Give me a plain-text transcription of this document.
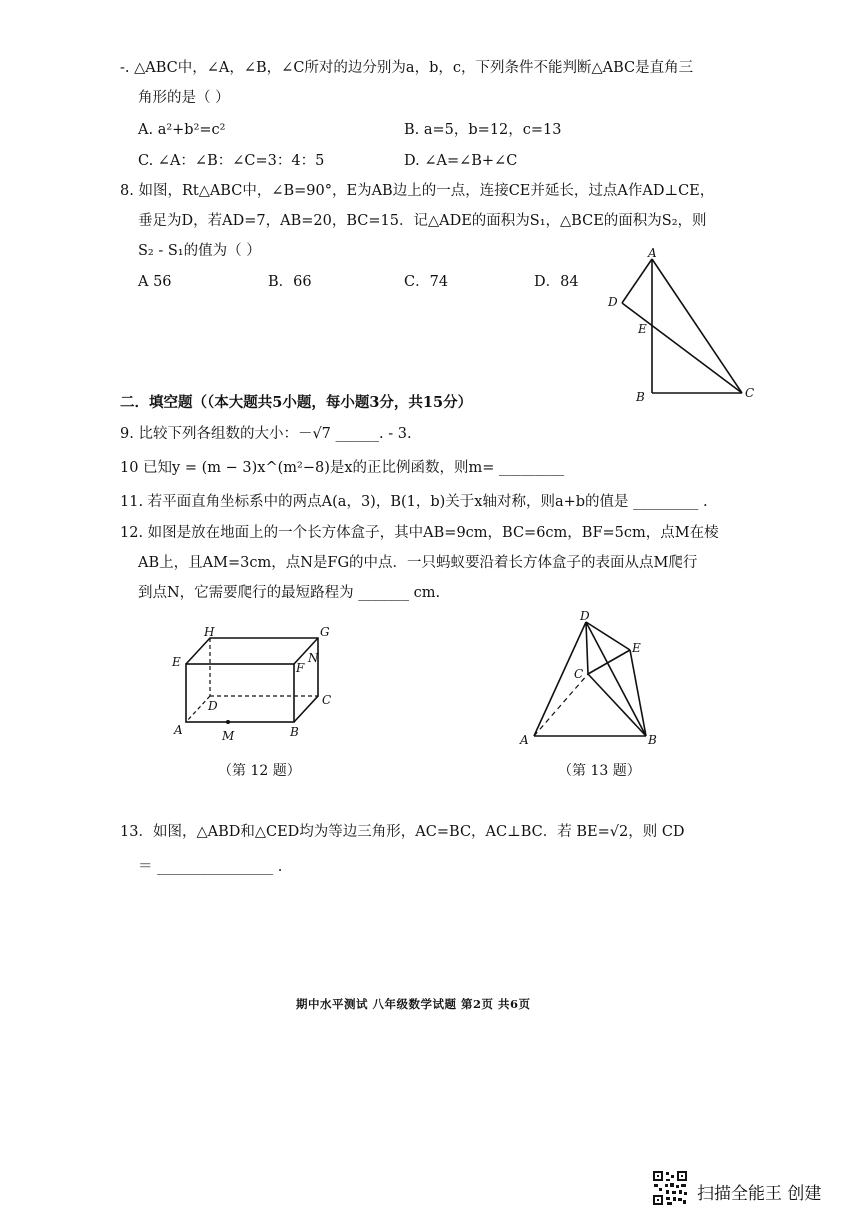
-. △ABC中，∠A，∠B，∠C所对的边分别为a，b，c，下列条件不能判断△ABC是直角三
角形的是（ ）
A. a²+b²=c²	B. a=5，b=12，c=13
C. ∠A：∠B：∠C=3：4：5	D. ∠A=∠B+∠C
8. 如图，Rt△ABC中，∠B=90°，E为AB边上的一点，连接CE并延长，过点A作AD⊥CE，
垂足为D，若AD=7，AB=20，BC=15．记△ADE的面积为S₁，△BCE的面积为S₂，则
S₂ - S₁的值为（ ）
A 56	B．66	C．74	D．84
A
B	C
D
E
二．填空题（（本大题共5小题，每小题3分，共15分）
9. 比较下列各组数的大小：－√7 ______. - 3.
10 已知y = (m − 3)x^(m²−8)是x的正比例函数，则m= _________
11. 若平面直角坐标系中的两点A(a，3)，B(1，b)关于x轴对称，则a+b的值是 _________ .
12. 如图是放在地面上的一个长方体盒子，其中AB=9cm，BC=6cm，BF=5cm，点M在棱
AB上，且AM=3cm，点N是FG的中点．一只蚂蚁要沿着长方体盒子的表面从点M爬行
到点N，它需要爬行的最短路程为 _______ cm.
H	G
E	N
F
D	C
A	M	B
（第 12 题）
D
E
C
A	B
（第 13 题）
13．如图，△ABD和△CED均为等边三角形，AC=BC，AC⊥BC．若 BE=√2，则 CD
＝ ________________ .
期中水平测试 八年级数学试题 第2页 共6页
扫描全能王 创建
